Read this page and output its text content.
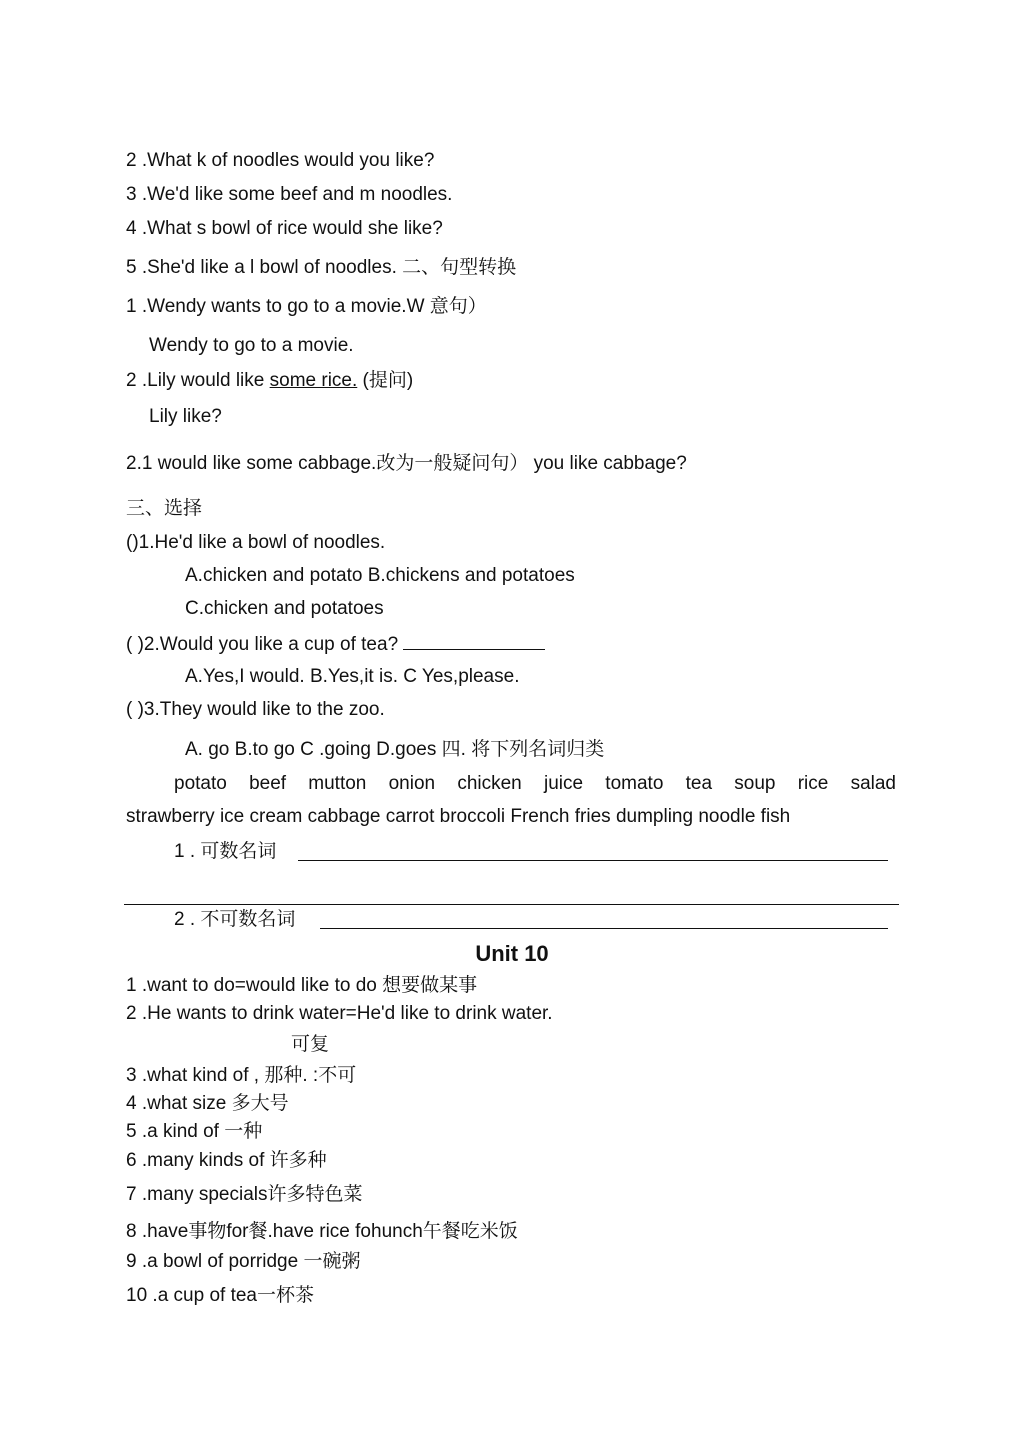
2 .What k of noodles would you like?
3 .We'd like some beef and m noodles.
4 .What s bowl of rice would she like?
5 .She'd like a l bowl of noodles. 二、句型转换
1 .Wendy wants to go to a movie.W 意句）
Wendy to go to a movie.
2 .Lily would like some rice. (提问)
Lily like?
2.1 would like some cabbage.改为一般疑问句） you like cabbage?
三、选择
()1.He'd like a bowl of noodles.
A.chicken and potato B.chickens and potatoes
C.chicken and potatoes
( )2.Would you like a cup of tea?
A.Yes,I would. B.Yes,it is. C Yes,please.
( )3.They would like to the zoo.
A. go B.to go C .going D.goes 四. 将下列名词归类
potato beef mutton onion chicken juice tomato tea soup rice salad
strawberry ice cream cabbage carrot broccoli French fries dumpling noodle fish
1 . 可数名词
2 . 不可数名词
Unit 10
1 .want to do=would like to do 想要做某事
2 .He wants to drink water=He'd like to drink water.
可复
3 .what kind of , 那种. :不可
4 .what size 多大号
5 .a kind of 一种
6 .many kinds of 许多种
7 .many specials许多特色菜
8 .have事物for餐.have rice fohunch午餐吃米饭
9 .a bowl of porridge 一碗粥
10 .a cup of tea一杯茶
